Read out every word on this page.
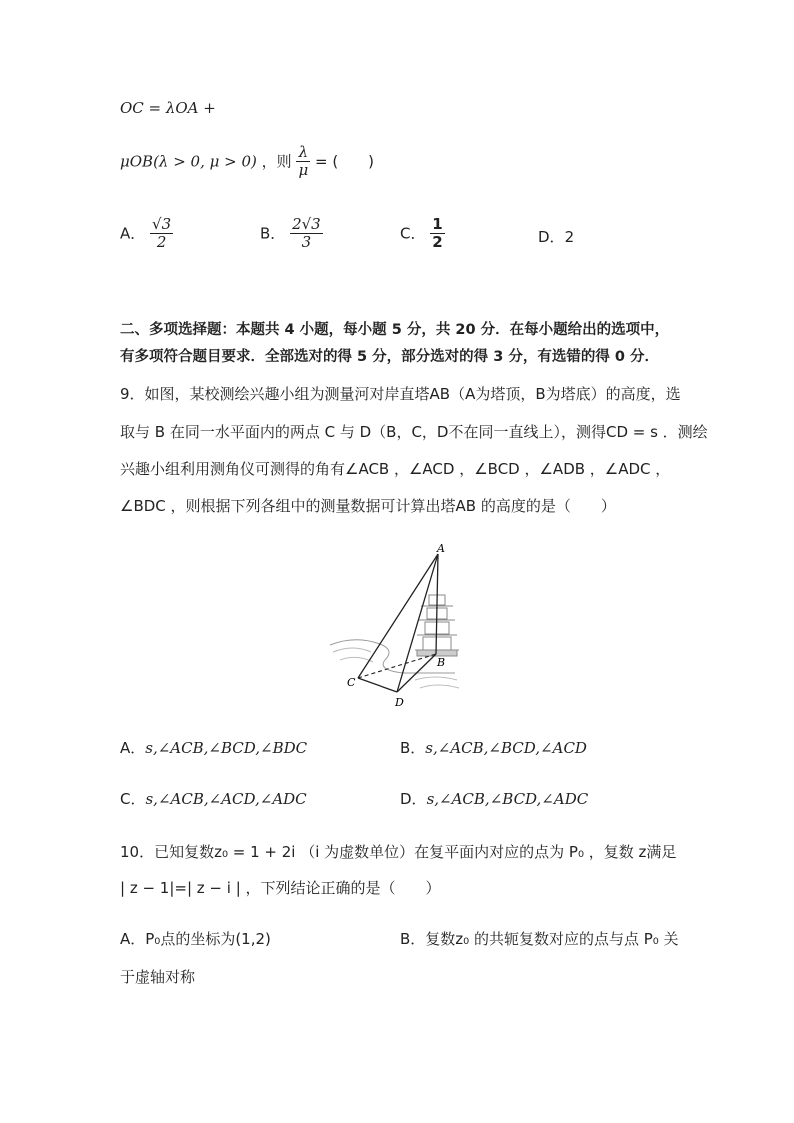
OC = λOA +
μOB(λ > 0, μ > 0) ，则 $\frac{\lambda}{\mu}$ = (　　)
A． $\frac{√3}{2}$	B． $\frac{2√3}{3}$	C． $\frac{1}{2}$	D．2
二、多项选择题：本题共 4 小题，每小题 5 分，共 20 分．在每小题给出的选项中，
有多项符合题目要求．全部选对的得 5 分，部分选对的得 3 分，有选错的得 0 分．
9．如图，某校测绘兴趣小组为测量河对岸直塔AB（A为塔顶，B为塔底）的高度，选
取与 B 在同一水平面内的两点 C 与 D（B，C，D不在同一直线上），测得CD = s ．测绘
兴趣小组利用测角仪可测得的角有∠ACB ，∠ACD ，∠BCD ，∠ADB ，∠ADC ，
∠BDC ，则根据下列各组中的测量数据可计算出塔AB 的高度的是（　　）
A
B
C
D
A．s,∠ACB,∠BCD,∠BDC	B．s,∠ACB,∠BCD,∠ACD
C．s,∠ACB,∠ACD,∠ADC	D．s,∠ACB,∠BCD,∠ADC
10．已知复数z₀ = 1 + 2i （i 为虚数单位）在复平面内对应的点为 P₀ ，复数 z满足
| z − 1|=| z − i | ，下列结论正确的是（　　）
A．P₀点的坐标为(1,2)	B．复数z₀ 的共轭复数对应的点与点 P₀ 关
于虚轴对称
